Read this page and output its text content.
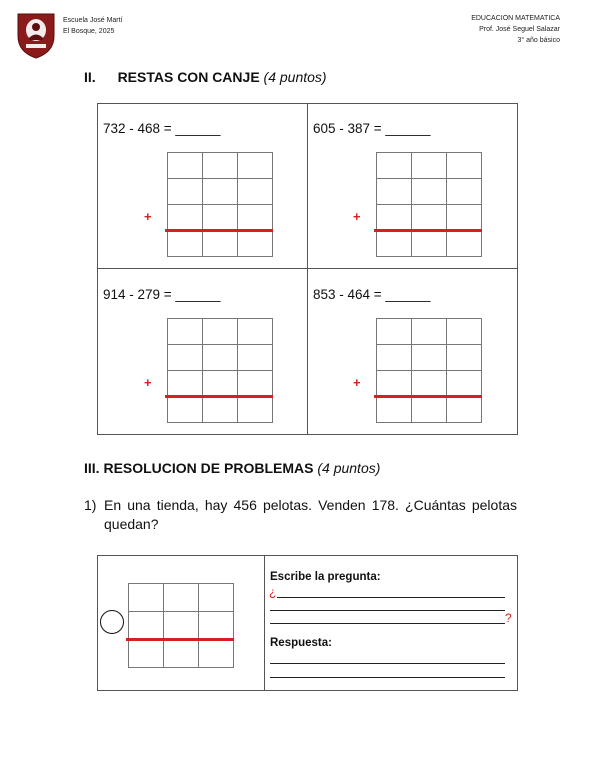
Escuela José Martí
El Bosque, 2025
EDUCACION MATEMATICA
Prof. José Seguel Salazar
3° año básico
II. RESTAS CON CANJE (4 puntos)
732 - 468 = ______

+
605 - 387 = ______

+
914 - 279 = ______

+
853 - 464 = ______

+
III. RESOLUCION DE PROBLEMAS (4 puntos)
1) En una tienda, hay 456 pelotas. Venden 178. ¿Cuántas pelotas quedan?

Escribe la pregunta:
¿
?
Respuesta:
